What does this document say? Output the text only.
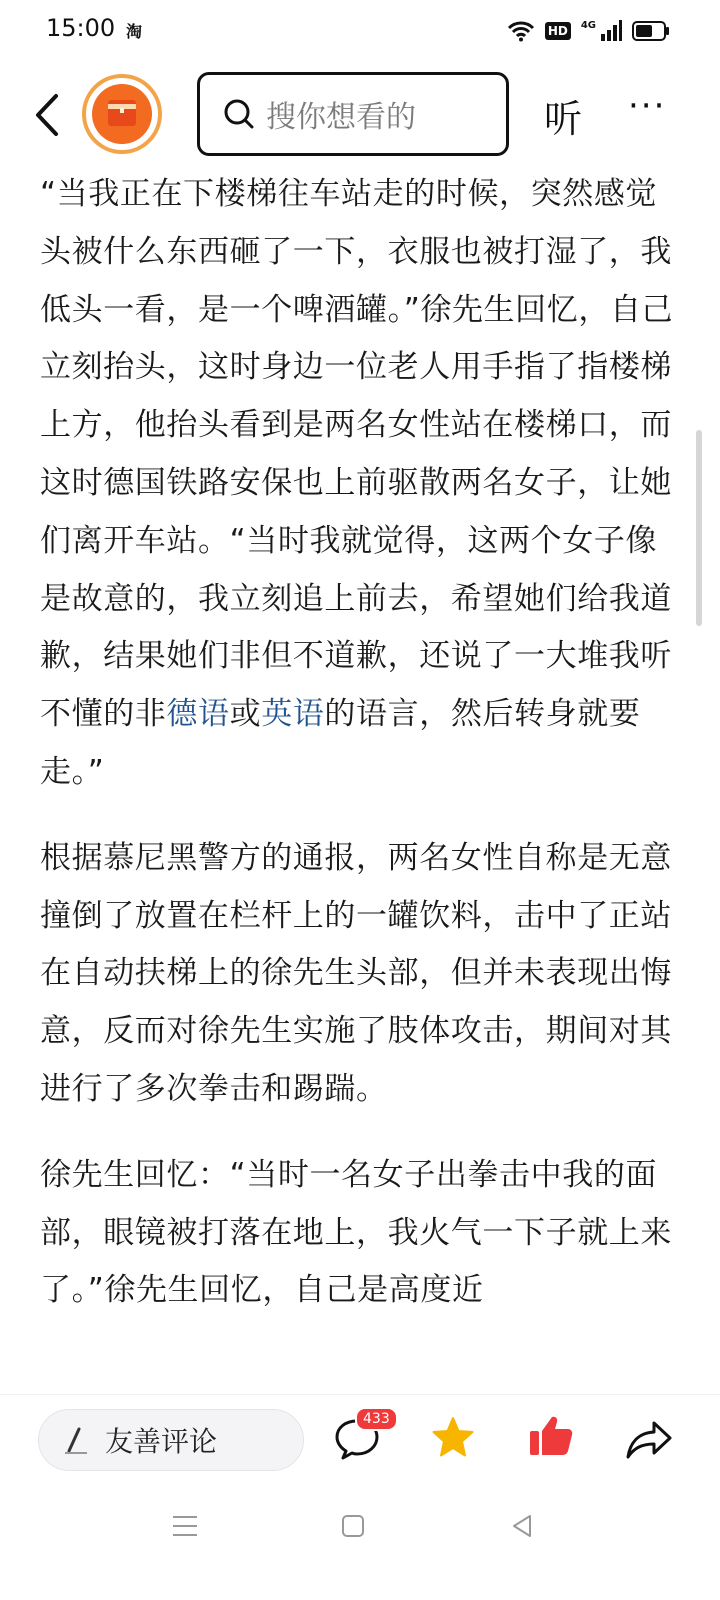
15:00 淘	HD	4G
搜你想看的	听 ···

“当我正在下楼梯往车站走的时候，突然感觉头被什么东西砸了一下，衣服也被打湿了，我低头一看，是一个啤酒罐。”徐先生回忆，自己立刻抬头，这时身边一位老人用手指了指楼梯上方，他抬头看到是两名女性站在楼梯口，而这时德国铁路安保也上前驱散两名女子，让她们离开车站。“当时我就觉得，这两个女子像是故意的，我立刻追上前去，希望她们给我道歉，结果她们非但不道歉，还说了一大堆我听不懂的非德语或英语的语言，然后转身就要走。”

根据慕尼黑警方的通报，两名女性自称是无意撞倒了放置在栏杆上的一罐饮料，击中了正站在自动扶梯上的徐先生头部，但并未表现出悔意，反而对徐先生实施了肢体攻击，期间对其进行了多次拳击和踢踹。

徐先生回忆：“当时一名女子出拳击中我的面部，眼镜被打落在地上，我火气一下子就上来了。”徐先生回忆，自己是高度近

友善评论
433
